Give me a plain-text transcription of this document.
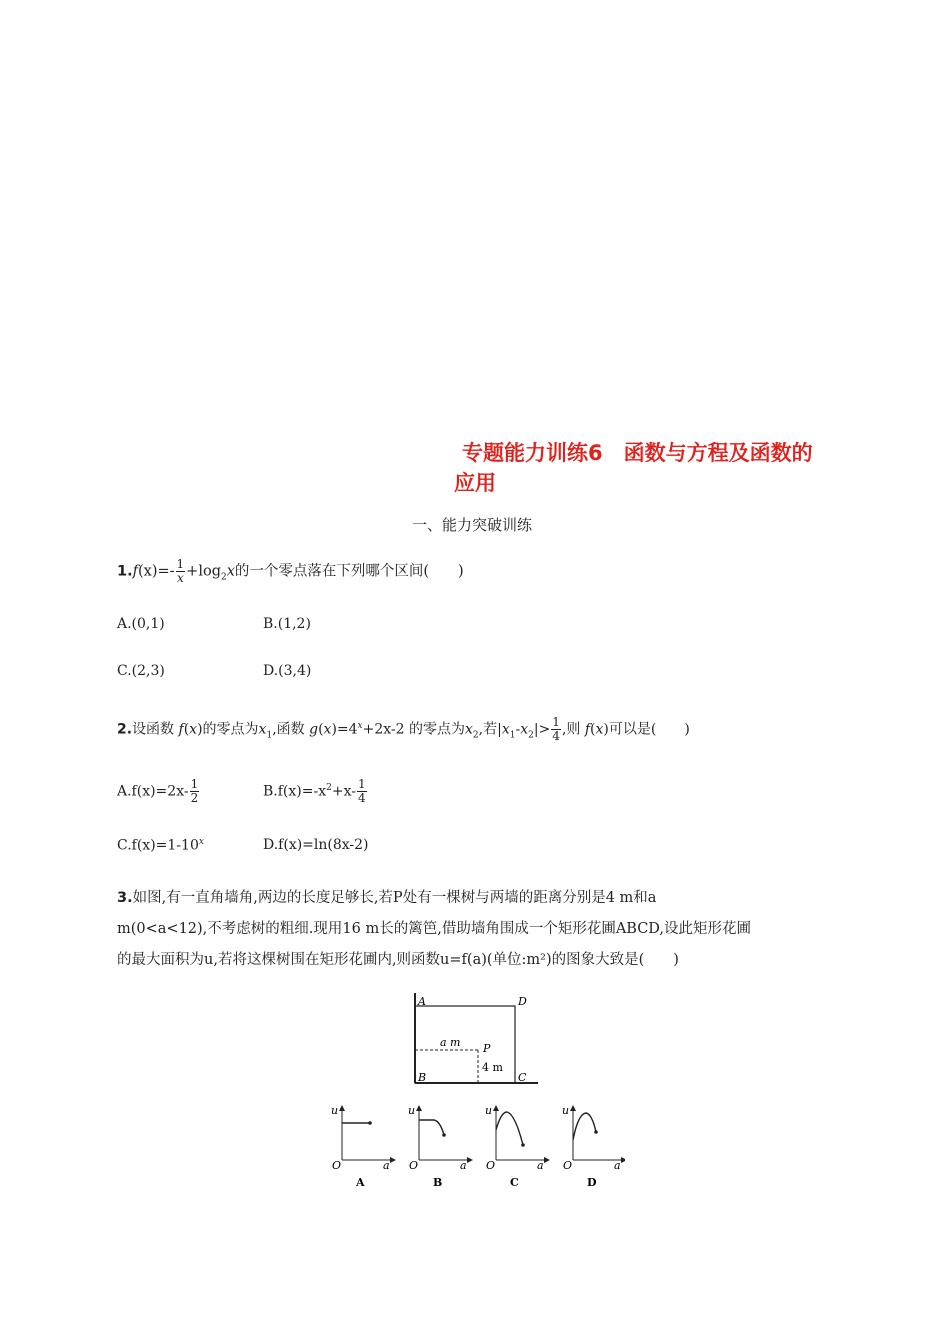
专题能力训练6　函数与方程及函数的
应用
一、能力突破训练
$1.f(x)=- \frac{1}{x} +\log_2x$的一个零点落在下列哪个区间(　　)
A.(0,1)	B.(1,2)
C.(2,3)	D.(3,4)
2.设函数 f(x)的零点为$x_1$,函数 $g(x)=4^x+2x-2$ 的零点为$x_2$,若$|x_1-x_2|> \frac{1}{4}$ ,则 f(x)可以是(　　)
$A.f(x)=2x- \frac{1}{2}$	$B.f(x)=-x^2+x- \frac{1}{4}$
$C.f(x)=1-10^x$	D.f(x)=ln(8x-2)
3.如图,有一直角墙角,两边的长度足够长,若P处有一棵树与两墙的距离分别是4 m和a
m(0<a<12),不考虑树的粗细.现用16 m长的篱笆,借助墙角围成一个矩形花圃ABCD,设此矩形花圃
的最大面积为u,若将这棵树围在矩形花圃内,则函数u=f(a)(单位:m²)的图象大致是(　　)
A	D
B	C
P
a m
4 m
u
O	a
A
u
O	a
B
u
O	a
C
u
O	a
D
